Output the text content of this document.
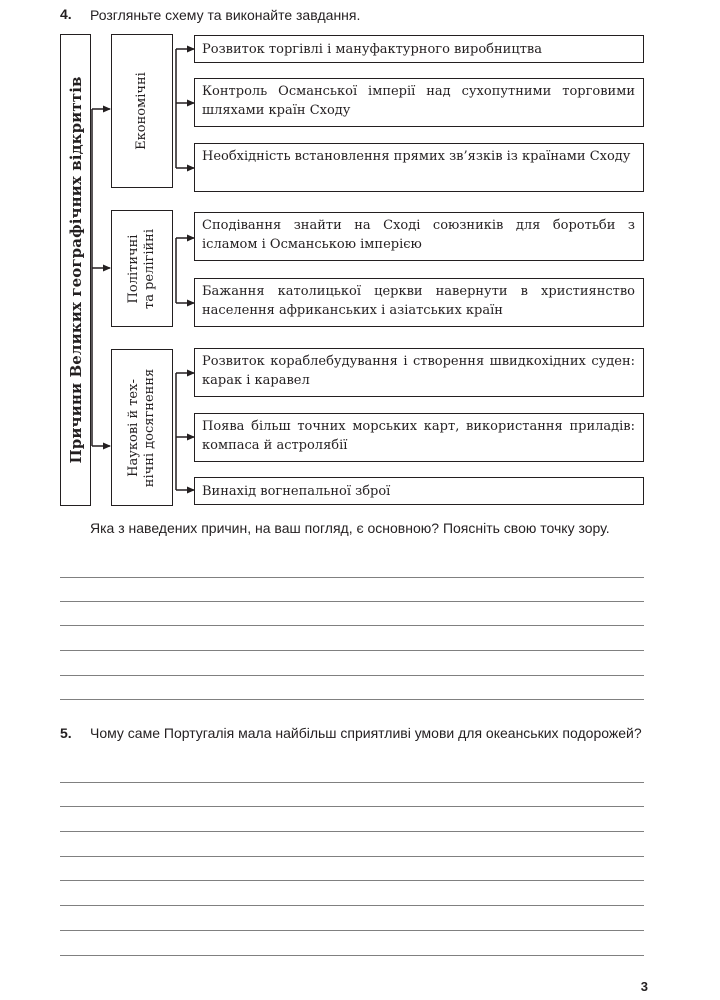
4. Розгляньте схему та виконайте завдання.
Причини Великих географічних відкриттів	Економічні
Політичні та релігійні
Наукові й тех- нічні досягнення
Розвиток торгівлі і мануфактурного виробництва
Контроль Османської імперії над сухопутними торговими шляхами країн Сходу
Необхідність встановлення прямих зв’язків із країнами Сходу
Сподівання знайти на Сході союзників для боротьби з ісламом і Османською імперією
Бажання католицької церкви навернути в християнство населення африканських і азіатських країн
Розвиток кораблебудування і створення швидкохідних суден: карак і каравел
Поява більш точних морських карт, використання приладів: компаса й астролябії
Винахід вогнепальної зброї
Яка з наведених причин, на ваш погляд, є основною? Поясніть свою точку зору.
5. Чому саме Португалія мала найбільш сприятливі умови для океанських подорожей?
3
